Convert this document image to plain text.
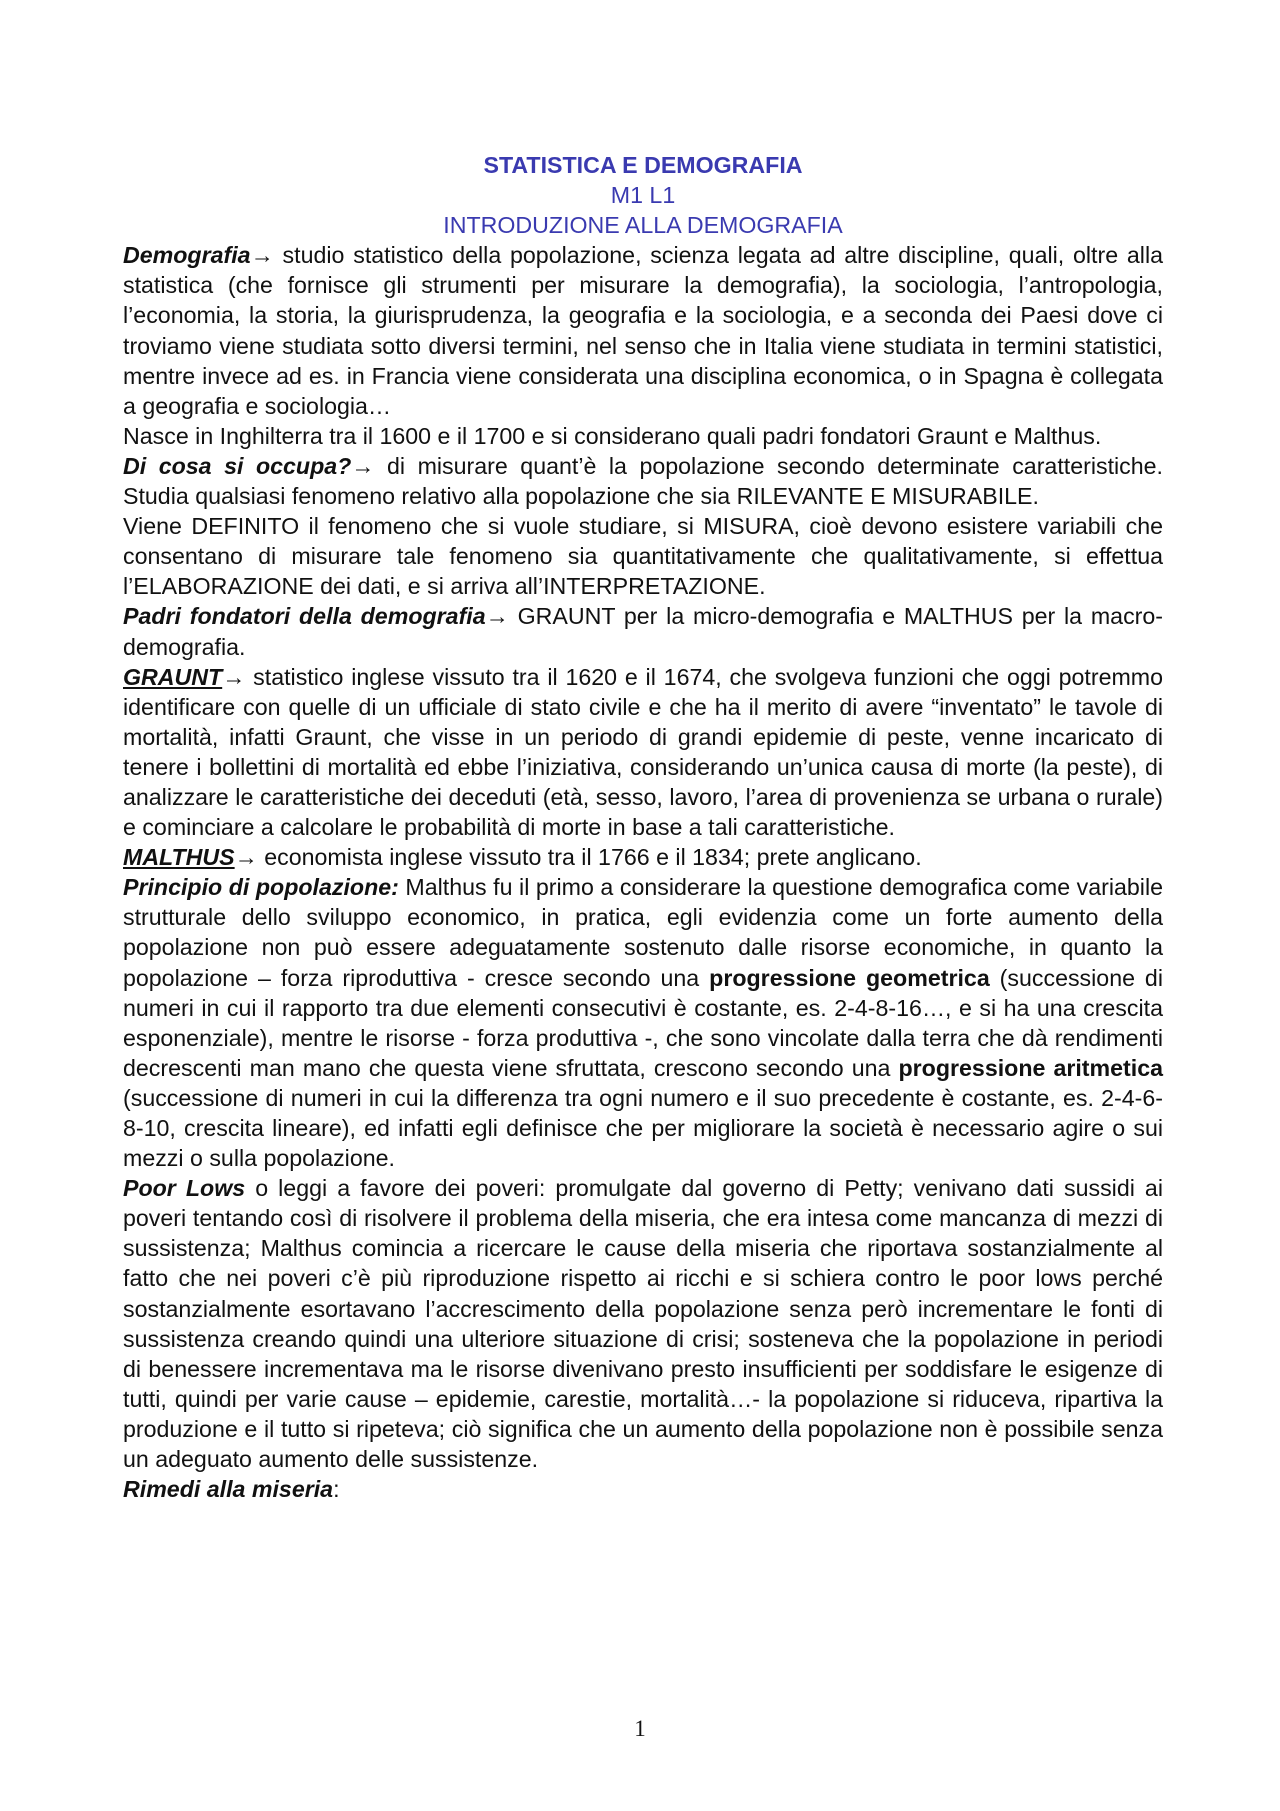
STATISTICA E DEMOGRAFIA
M1 L1
INTRODUZIONE ALLA DEMOGRAFIA

Demografia→ studio statistico della popolazione, scienza legata ad altre discipline, quali, oltre alla statistica (che fornisce gli strumenti per misurare la demografia), la sociologia, l’antropologia, l’economia, la storia, la giurisprudenza, la geografia e la sociologia, e a seconda dei Paesi dove ci troviamo viene studiata sotto diversi termini, nel senso che in Italia viene studiata in termini statistici, mentre invece ad es. in Francia viene considerata una disciplina economica, o in Spagna è collegata a geografia e sociologia…

Nasce in Inghilterra tra il 1600 e il 1700 e si considerano quali padri fondatori Graunt e Malthus.

Di cosa si occupa?→ di misurare quant’è la popolazione secondo determinate caratteristiche. Studia qualsiasi fenomeno relativo alla popolazione che sia RILEVANTE E MISURABILE.

Viene DEFINITO il fenomeno che si vuole studiare, si MISURA, cioè devono esistere variabili che consentano di misurare tale fenomeno sia quantitativamente che qualitativamente, si effettua l’ELABORAZIONE dei dati, e si arriva all’INTERPRETAZIONE.

Padri fondatori della demografia→ GRAUNT per la micro-demografia e MALTHUS per la macro-demografia.

GRAUNT→ statistico inglese vissuto tra il 1620 e il 1674, che svolgeva funzioni che oggi potremmo identificare con quelle di un ufficiale di stato civile e che ha il merito di avere “inventato” le tavole di mortalità, infatti Graunt, che visse in un periodo di grandi epidemie di peste, venne incaricato di tenere i bollettini di mortalità ed ebbe l’iniziativa, considerando un’unica causa di morte (la peste), di analizzare le caratteristiche dei deceduti (età, sesso, lavoro, l’area di provenienza se urbana o rurale) e cominciare a calcolare le probabilità di morte in base a tali caratteristiche.

MALTHUS→ economista inglese vissuto tra il 1766 e il 1834; prete anglicano.

Principio di popolazione: Malthus fu il primo a considerare la questione demografica come variabile strutturale dello sviluppo economico, in pratica, egli evidenzia come un forte aumento della popolazione non può essere adeguatamente sostenuto dalle risorse economiche, in quanto la popolazione – forza riproduttiva - cresce secondo una progressione geometrica (successione di numeri in cui il rapporto tra due elementi consecutivi è costante, es. 2-4-8-16…, e si ha una crescita esponenziale), mentre le risorse - forza produttiva -, che sono vincolate dalla terra che dà rendimenti decrescenti man mano che questa viene sfruttata, crescono secondo una progressione aritmetica (successione di numeri in cui la differenza tra ogni numero e il suo precedente è costante, es. 2-4-6-8-10, crescita lineare), ed infatti egli definisce che per migliorare la società è necessario agire o sui mezzi o sulla popolazione.

Poor Lows o leggi a favore dei poveri: promulgate dal governo di Petty; venivano dati sussidi ai poveri tentando così di risolvere il problema della miseria, che era intesa come mancanza di mezzi di sussistenza; Malthus comincia a ricercare le cause della miseria che riportava sostanzialmente al fatto che nei poveri c’è più riproduzione rispetto ai ricchi e si schiera contro le poor lows perché sostanzialmente esortavano l’accrescimento della popolazione senza però incrementare le fonti di sussistenza creando quindi una ulteriore situazione di crisi; sosteneva che la popolazione in periodi di benessere incrementava ma le risorse divenivano presto insufficienti per soddisfare le esigenze di tutti, quindi per varie cause – epidemie, carestie, mortalità…- la popolazione si riduceva, ripartiva la produzione e il tutto si ripeteva; ciò significa che un aumento della popolazione non è possibile senza un adeguato aumento delle sussistenze.

Rimedi alla miseria:

1
